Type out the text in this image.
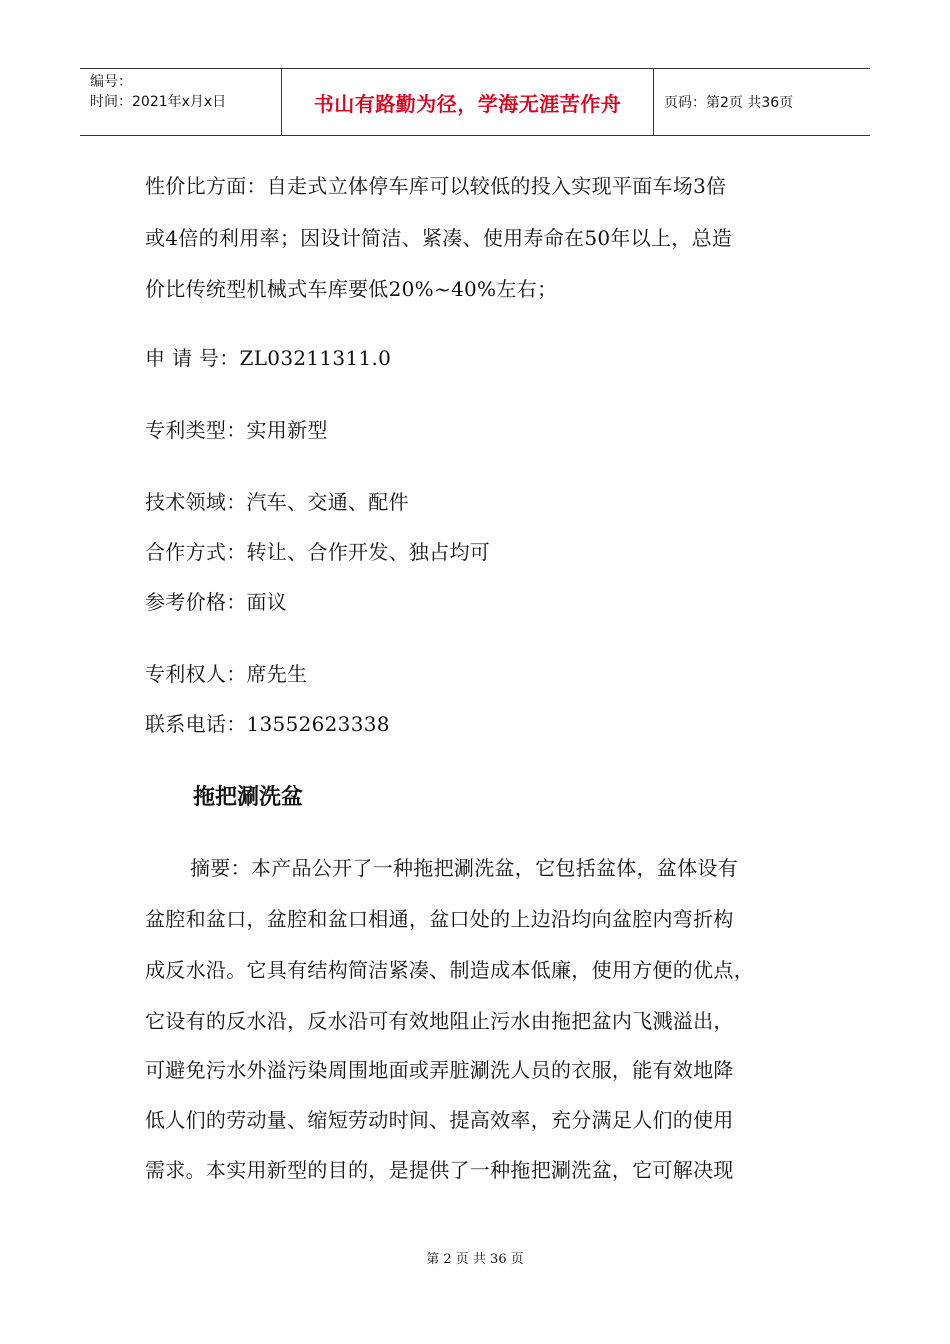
编号：
时间：2021年x月x日	书山有路勤为径，学海无涯苦作舟	页码：第2页 共36页
性价比方面：自走式立体停车库可以较低的投入实现平面车场3倍
或4倍的利用率；因设计简洁、紧凑、使用寿命在50年以上，总造
价比传统型机械式车库要低20%~40%左右；
申 请 号：ZL03211311.0
专利类型：实用新型
技术领域：汽车、交通、配件
合作方式：转让、合作开发、独占均可
参考价格：面议
专利权人：席先生
联系电话：13552623338
拖把涮洗盆
摘要：本产品公开了一种拖把涮洗盆，它包括盆体，盆体设有
盆腔和盆口，盆腔和盆口相通，盆口处的上边沿均向盆腔内弯折构
成反水沿。它具有结构简洁紧凑、制造成本低廉，使用方便的优点，
它设有的反水沿，反水沿可有效地阻止污水由拖把盆内飞溅溢出，
可避免污水外溢污染周围地面或弄脏涮洗人员的衣服，能有效地降
低人们的劳动量、缩短劳动时间、提高效率，充分满足人们的使用
需求。本实用新型的目的，是提供了一种拖把涮洗盆，它可解决现
第 2 页 共 36 页
